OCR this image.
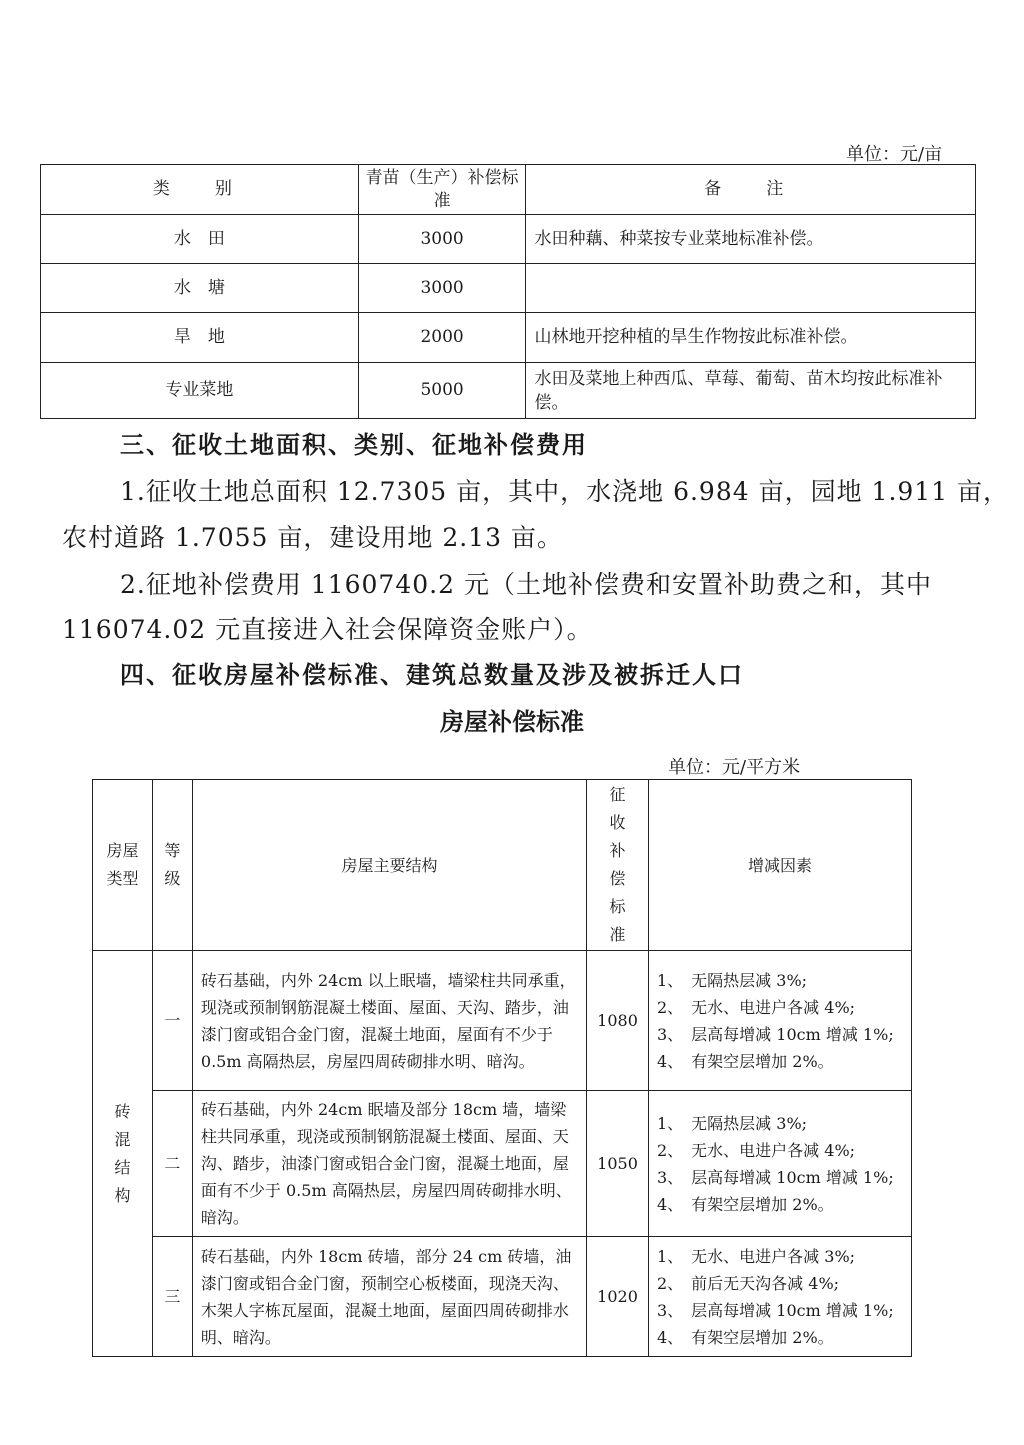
单位：元/亩
类　别	青苗（生产）补偿标准	备　注
水　田	3000	水田种藕、种菜按专业菜地标准补偿。
水　塘	3000	
旱　地	2000	山林地开挖种植的旱生作物按此标准补偿。
专业菜地	5000	水田及菜地上种西瓜、草莓、葡萄、苗木均按此标准补偿。
三、征收土地面积、类别、征地补偿费用
1.征收土地总面积 12.7305 亩，其中，水浇地 6.984 亩，园地 1.911 亩，
农村道路 1.7055 亩，建设用地 2.13 亩。
2.征地补偿费用 1160740.2 元（土地补偿费和安置补助费之和，其中
116074.02 元直接进入社会保障资金账户）。
四、征收房屋补偿标准、建筑总数量及涉及被拆迁人口
房屋补偿标准
单位：元/平方米
房屋类型	等级	房屋主要结构	征收补偿标准	增减因素
砖混结构	一	砖石基础，内外 24cm 以上眠墙，墙梁柱共同承重，现浇或预制钢筋混凝土楼面、屋面、天沟、踏步，油漆门窗或铝合金门窗，混凝土地面，屋面有不少于 0.5m 高隔热层，房屋四周砖砌排水明、暗沟。	1080	1、　无隔热层减 3%;
2、　无水、电进户各减 4%;
3、　层高每增减 10cm 增减 1%;
4、　有架空层增加 2%。

	二	砖石基础，内外 24cm 眠墙及部分 18cm 墙，墙梁柱共同承重，现浇或预制钢筋混凝土楼面、屋面、天沟、踏步，油漆门窗或铝合金门窗，混凝土地面，屋面有不少于 0.5m 高隔热层，房屋四周砖砌排水明、暗沟。	1050	1、　无隔热层减 3%;
2、　无水、电进户各减 4%;
3、　层高每增减 10cm 增减 1%;
4、　有架空层增加 2%。

	三	砖石基础，内外 18cm 砖墙，部分 24 cm 砖墙，油漆门窗或铝合金门窗，预制空心板楼面，现浇天沟、木架人字栋瓦屋面，混凝土地面，屋面四周砖砌排水明、暗沟。	1020	1、　无水、电进户各减 3%;
2、　前后无天沟各减 4%;
3、　层高每增减 10cm 增减 1%;
4、　有架空层增加 2%。
